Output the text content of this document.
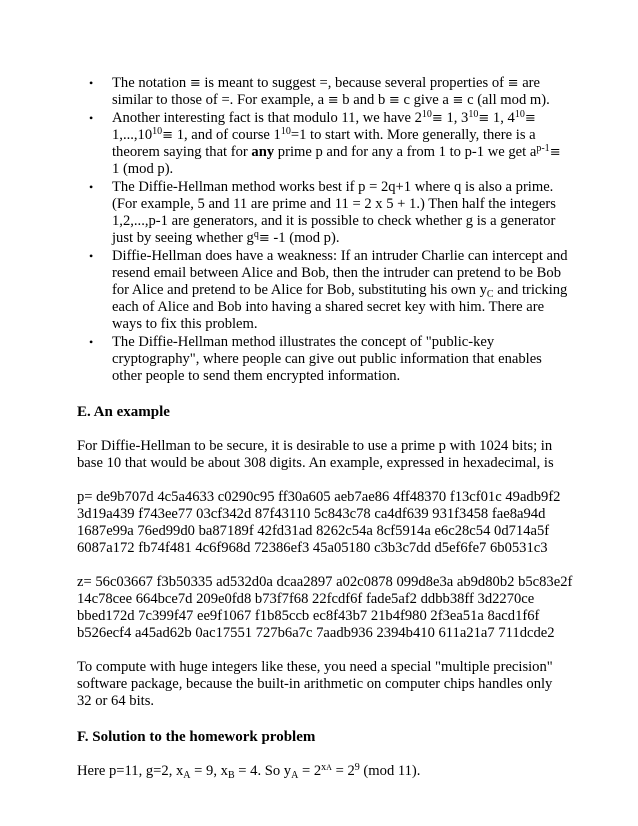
• The notation ≡ is meant to suggest =, because several properties of ≡ are similar to those of =. For example, a ≡ b and b ≡ c give a ≡ c (all mod m).
• Another interesting fact is that modulo 11, we have $2^{10}\equiv 1$, $3^{10}\equiv 1$, $4^{10}\equiv 1,...,10^{10}\equiv 1$, and of course $1^{10}=1$ to start with. More generally, there is a theorem saying that for any prime p and for any a from 1 to p-1 we get $a^{p-1}\equiv 1$ (mod p).
• The Diffie-Hellman method works best if p = 2q+1 where q is also a prime. (For example, 5 and 11 are prime and 11 = 2 x 5 + 1.) Then half the integers 1,2,...,p-1 are generators, and it is possible to check whether g is a generator just by seeing whether $g^q\equiv -1$ (mod p).
• Diffie-Hellman does have a weakness: If an intruder Charlie can intercept and resend email between Alice and Bob, then the intruder can pretend to be Bob for Alice and pretend to be Alice for Bob, substituting his own $y_C$ and tricking each of Alice and Bob into having a shared secret key with him. There are ways to fix this problem.
• The Diffie-Hellman method illustrates the concept of "public-key cryptography", where people can give out public information that enables other people to send them encrypted information.
E. An example

For Diffie-Hellman to be secure, it is desirable to use a prime p with 1024 bits; in base 10 that would be about 308 digits. An example, expressed in hexadecimal, is

p= de9b707d 4c5a4633 c0290c95 ff30a605 aeb7ae86 4ff48370 f13cf01c 49adb9f2
3d19a439 f743ee77 03cf342d 87f43110 5c843c78 ca4df639 931f3458 fae8a94d
1687e99a 76ed99d0 ba87189f 42fd31ad 8262c54a 8cf5914a e6c28c54 0d714a5f
6087a172 fb74f481 4c6f968d 72386ef3 45a05180 c3b3c7dd d5ef6fe7 6b0531c3

z= 56c03667 f3b50335 ad532d0a dcaa2897 a02c0878 099d8e3a ab9d80b2 b5c83e2f
14c78cee 664bce7d 209e0fd8 b73f7f68 22fcdf6f fade5af2 ddbb38ff 3d2270ce
bbed172d 7c399f47 ee9f1067 f1b85ccb ec8f43b7 21b4f980 2f3ea51a 8acd1f6f
b526ecf4 a45ad62b 0ac17551 727b6a7c 7aadb936 2394b410 611a21a7 711dcde2

To compute with huge integers like these, you need a special "multiple precision" software package, because the built-in arithmetic on computer chips handles only 32 or 64 bits.

F. Solution to the homework problem

Here p=11, g=2, $x_A = 9$, $x_B = 4$. So $y_A = 2^{xA} = 2^9$ (mod 11).
